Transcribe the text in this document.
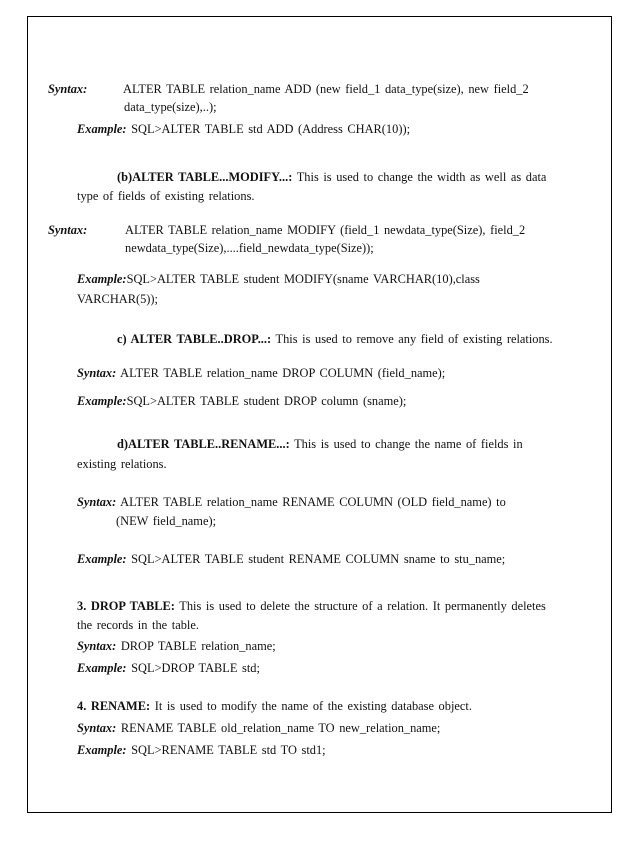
Syntax:	ALTER TABLE relation_name ADD (new field_1 data_type(size), new field_2
data_type(size),..);
Example: SQL>ALTER TABLE std ADD (Address CHAR(10));
(b)ALTER TABLE...MODIFY...: This is used to change the width as well as data
type of fields of existing relations.
Syntax:	ALTER TABLE relation_name MODIFY (field_1 newdata_type(Size), field_2
newdata_type(Size),....field_newdata_type(Size));
Example:SQL>ALTER TABLE student MODIFY(sname VARCHAR(10),class
VARCHAR(5));
c) ALTER TABLE..DROP...: This is used to remove any field of existing relations.
Syntax: ALTER TABLE relation_name DROP COLUMN (field_name);
Example:SQL>ALTER TABLE student DROP column (sname);
d)ALTER TABLE..RENAME...: This is used to change the name of fields in
existing relations.
Syntax: ALTER TABLE relation_name RENAME COLUMN (OLD field_name) to
(NEW field_name);
Example: SQL>ALTER TABLE student RENAME COLUMN sname to stu_name;
3. DROP TABLE: This is used to delete the structure of a relation. It permanently deletes
the records in the table.
Syntax: DROP TABLE relation_name;
Example: SQL>DROP TABLE std;
4. RENAME: It is used to modify the name of the existing database object.
Syntax: RENAME TABLE old_relation_name TO new_relation_name;
Example: SQL>RENAME TABLE std TO std1;
